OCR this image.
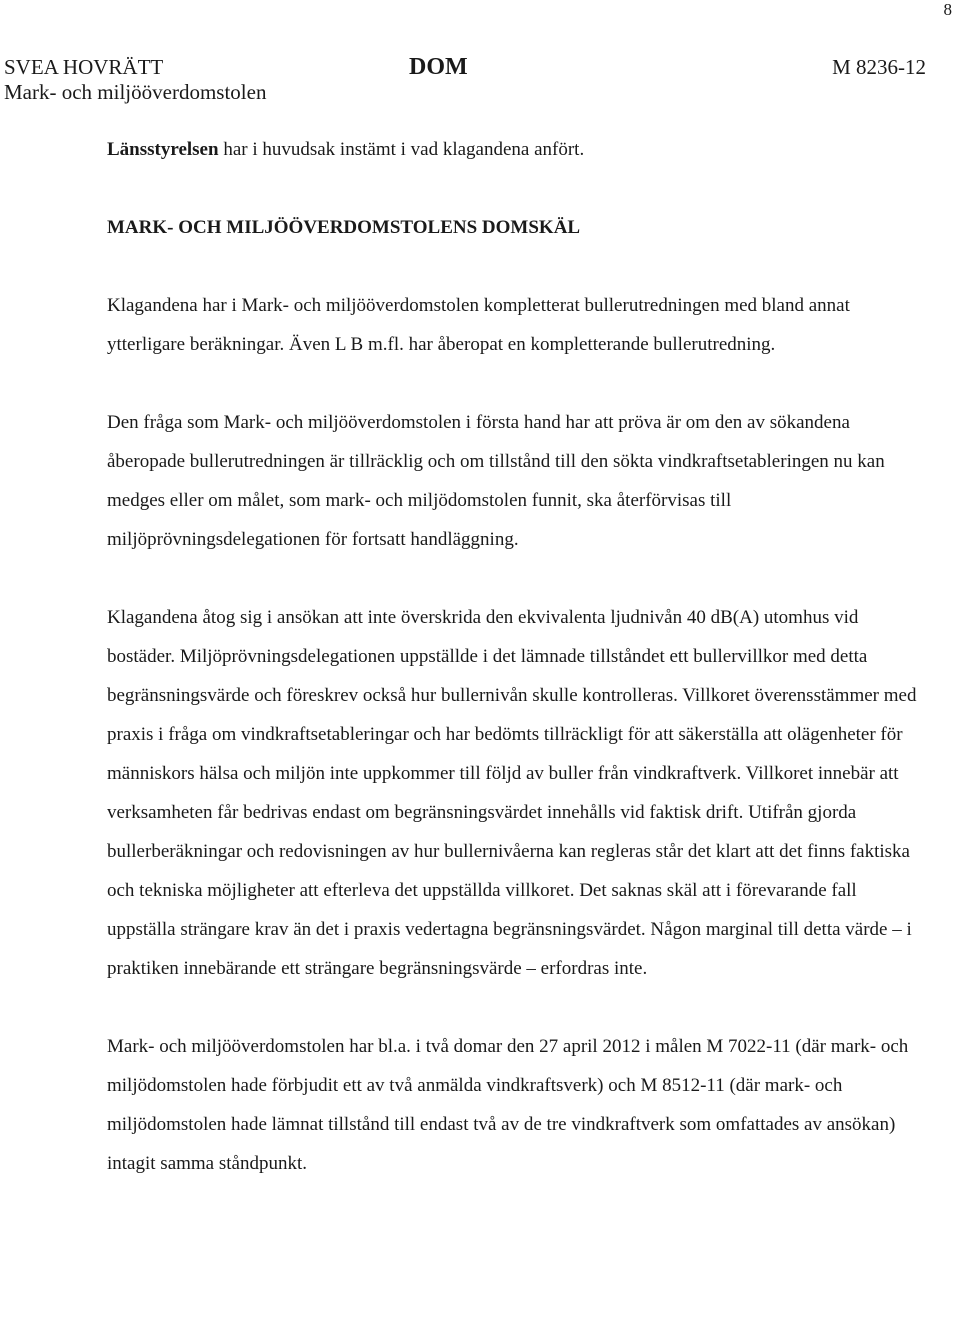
8
SVEA HOVRÄTT
Mark- och miljööverdomstolen
DOM	M 8236-12

Länsstyrelsen har i huvudsak instämt i vad klagandena anfört.

MARK- OCH MILJÖÖVERDOMSTOLENS DOMSKÄL

Klagandena har i Mark- och miljööverdomstolen kompletterat bullerutredningen med bland annat ytterligare beräkningar. Även L B m.fl. har åberopat en kompletterande bullerutredning.

Den fråga som Mark- och miljööverdomstolen i första hand har att pröva är om den av sökandena åberopade bullerutredningen är tillräcklig och om tillstånd till den sökta vindkraftsetableringen nu kan medges eller om målet, som mark- och miljödomstolen funnit, ska återförvisas till miljöprövningsdelegationen för fortsatt handläggning.

Klagandena åtog sig i ansökan att inte överskrida den ekvivalenta ljudnivån 40 dB(A) utomhus vid bostäder. Miljöprövningsdelegationen uppställde i det lämnade tillståndet ett bullervillkor med detta begränsningsvärde och föreskrev också hur bullernivån skulle kontrolleras. Villkoret överensstämmer med praxis i fråga om vindkraftsetableringar och har bedömts tillräckligt för att säkerställa att olägenheter för människors hälsa och miljön inte uppkommer till följd av buller från vindkraftverk. Villkoret innebär att verksamheten får bedrivas endast om begränsningsvärdet innehålls vid faktisk drift. Utifrån gjorda bullerberäkningar och redovisningen av hur bullernivåerna kan regleras står det klart att det finns faktiska och tekniska möjligheter att efterleva det uppställda villkoret. Det saknas skäl att i förevarande fall uppställa strängare krav än det i praxis vedertagna begränsningsvärdet. Någon marginal till detta värde – i praktiken innebärande ett strängare begränsningsvärde – erfordras inte.

Mark- och miljööverdomstolen har bl.a. i två domar den 27 april 2012 i målen M 7022-11 (där mark- och miljödomstolen hade förbjudit ett av två anmälda vindkraftsverk) och M 8512-11 (där mark- och miljödomstolen hade lämnat tillstånd till endast två av de tre vindkraftverk som omfattades av ansökan) intagit samma ståndpunkt.
